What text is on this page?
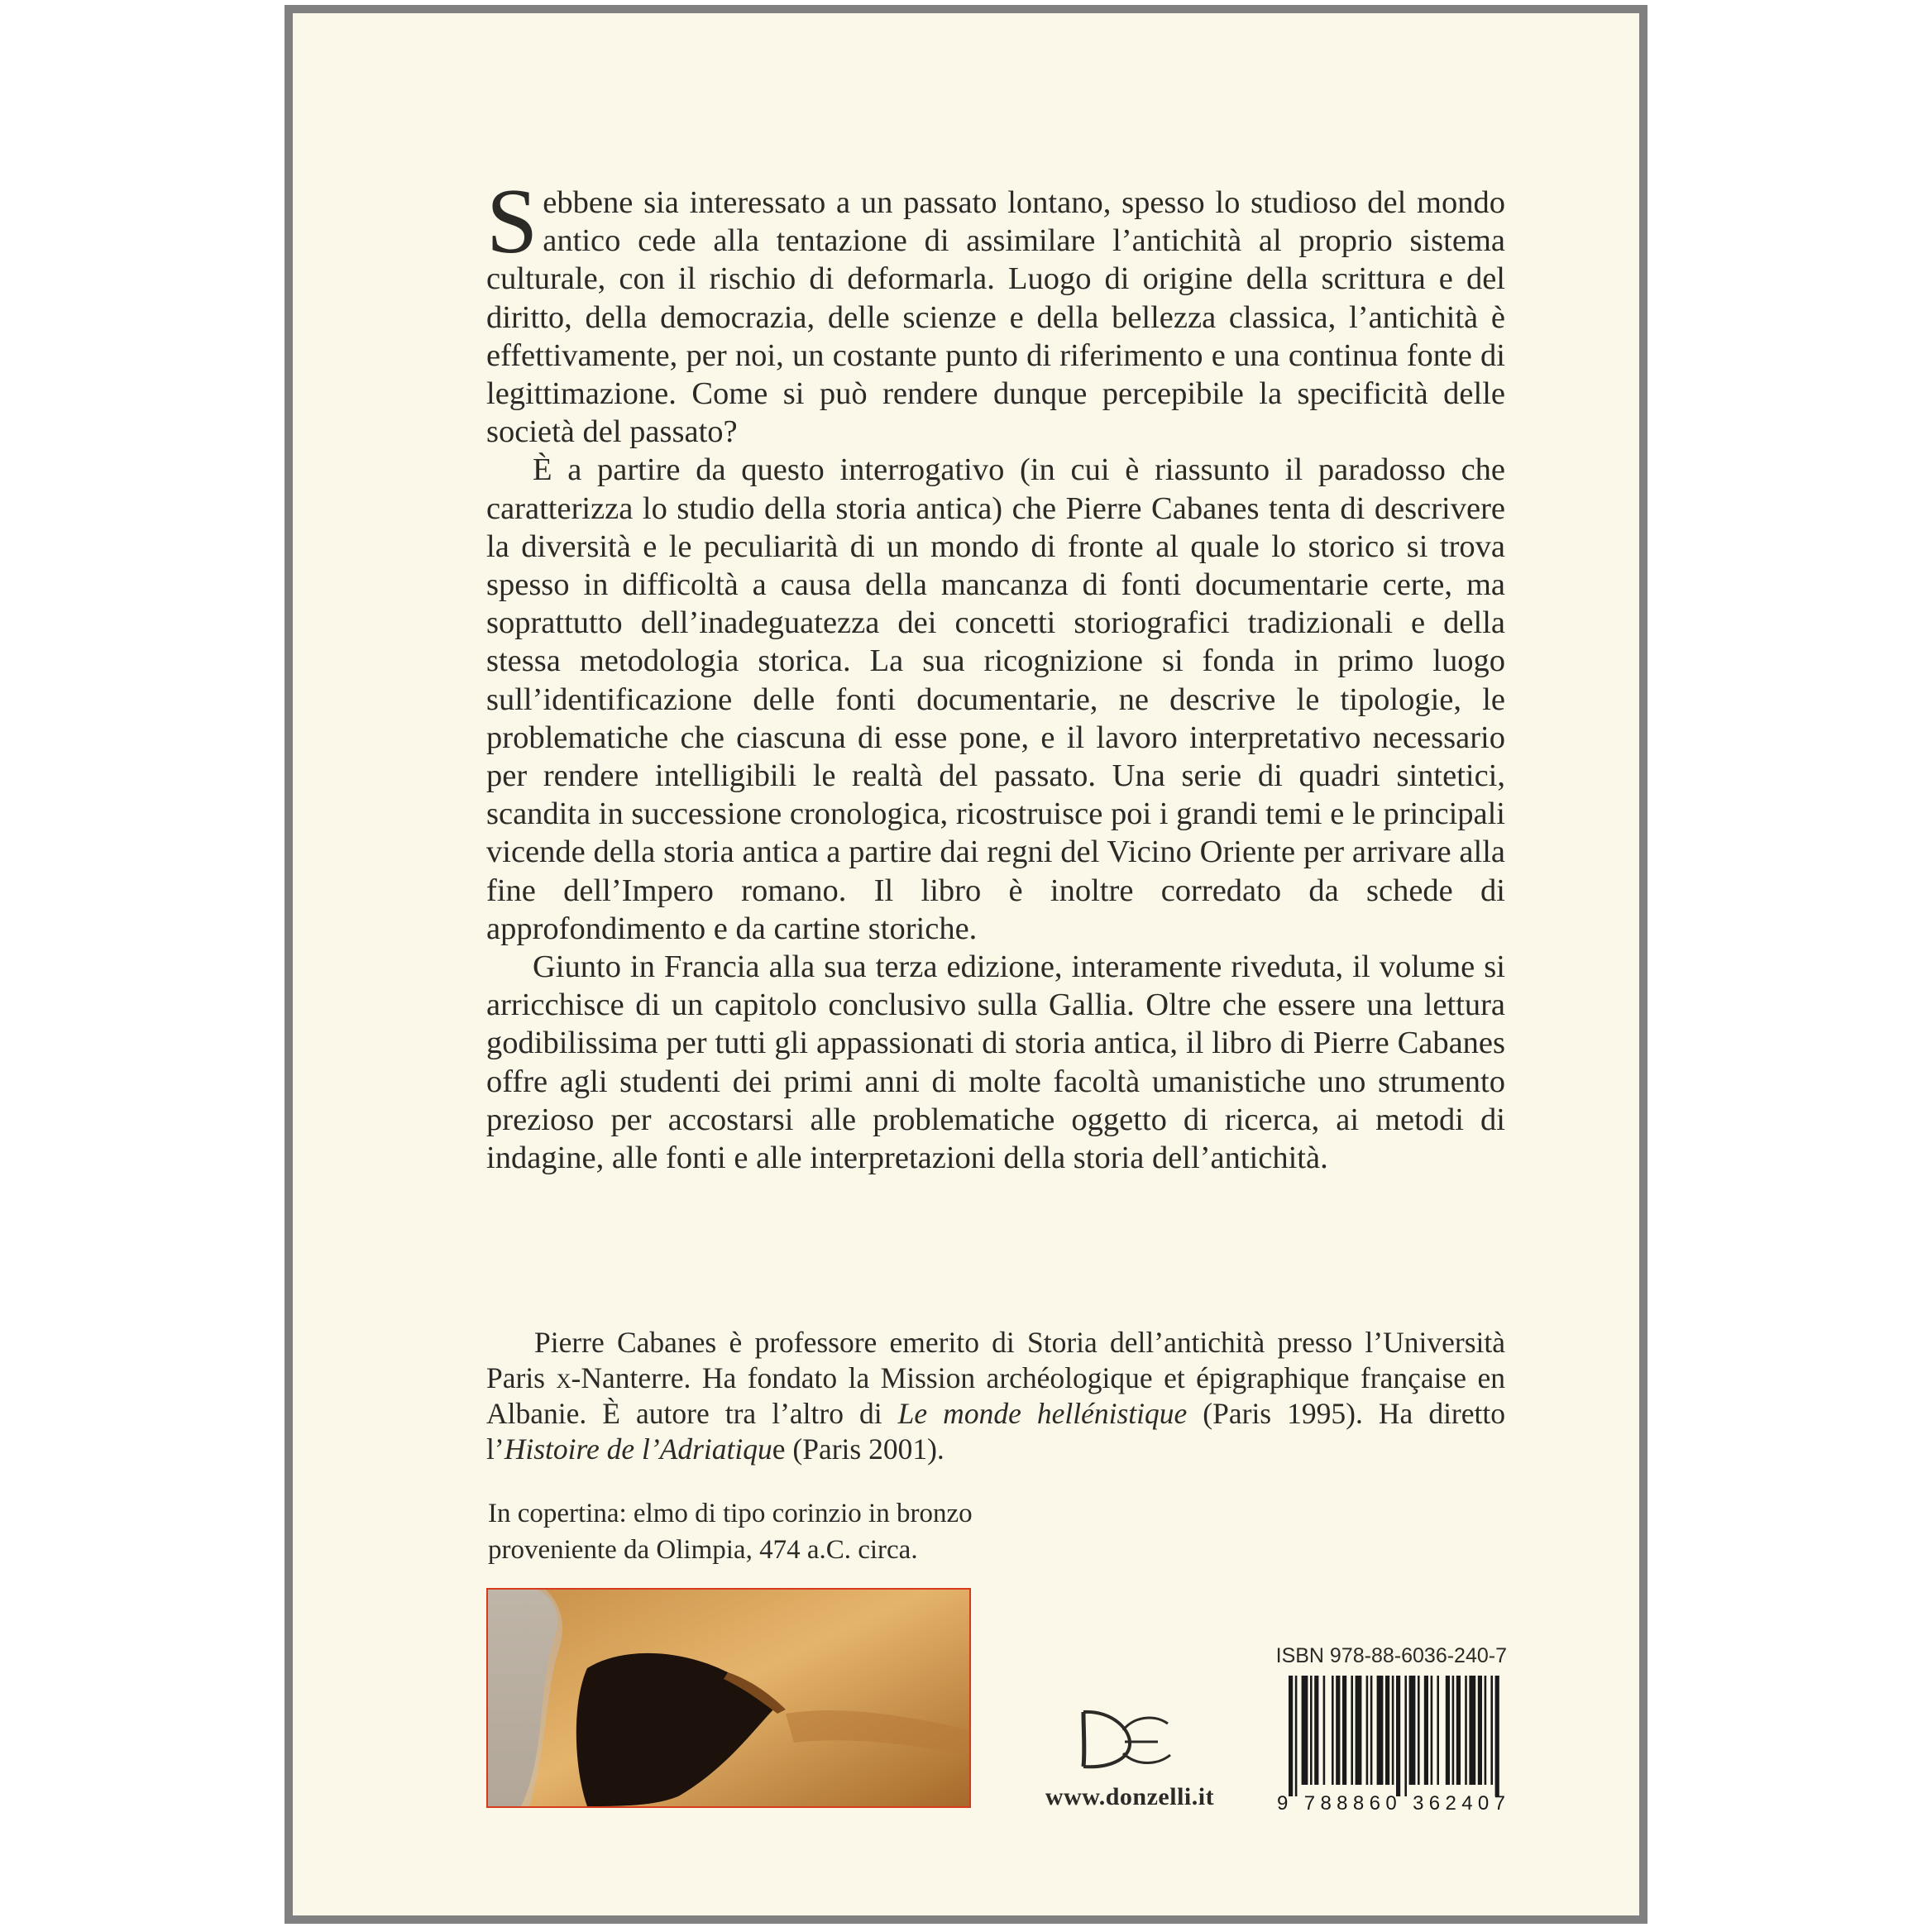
Sebbene sia interessato a un passato lontano, spesso lo studioso del mondo antico cede alla tentazione di assimilare l’antichità al proprio sistema culturale, con il rischio di deformarla. Luogo di origine della scrittura e del diritto, della democrazia, delle scienze e della bellezza classica, l’antichità è effettivamente, per noi, un costante punto di riferimento e una continua fonte di legittimazione. Come si può rendere dunque percepibile la specificità delle società del passato?

È a partire da questo interrogativo (in cui è riassunto il paradosso che caratterizza lo studio della storia antica) che Pierre Cabanes tenta di descrivere la diversità e le peculiarità di un mondo di fronte al quale lo storico si trova spesso in difficoltà a causa della mancanza di fonti documentarie certe, ma soprattutto dell’inadeguatezza dei concetti storiografici tradizionali e della stessa metodologia storica. La sua ricognizione si fonda in primo luogo sull’identificazione delle fonti documentarie, ne descrive le tipologie, le problematiche che ciascuna di esse pone, e il lavoro interpretativo necessario per rendere intelligibili le realtà del passato. Una serie di quadri sintetici, scandita in successione cronologica, ricostruisce poi i grandi temi e le principali vicende della storia antica a partire dai regni del Vicino Oriente per arrivare alla fine dell’Impero romano. Il libro è inoltre corredato da schede di approfondimento e da cartine storiche.

Giunto in Francia alla sua terza edizione, interamente riveduta, il volume si arricchisce di un capitolo conclusivo sulla Gallia. Oltre che essere una lettura godibilissima per tutti gli appassionati di storia antica, il libro di Pierre Cabanes offre agli studenti dei primi anni di molte facoltà umanistiche uno strumento prezioso per accostarsi alle problematiche oggetto di ricerca, ai metodi di indagine, alle fonti e alle interpretazioni della storia dell’antichità.

Pierre Cabanes è professore emerito di Storia dell’antichità presso l’Università Paris x-Nanterre. Ha fondato la Mission archéologique et épigraphique française en Albanie. È autore tra l’altro di Le monde hellénistique (Paris 1995). Ha diretto l’Histoire de l’Adriatique (Paris 2001).
In copertina: elmo di tipo corinzio in bronzo
proveniente da Olimpia, 474 a.C. circa.
www.donzelli.it
ISBN 978-88-6036-240-7
9 788860 362407
